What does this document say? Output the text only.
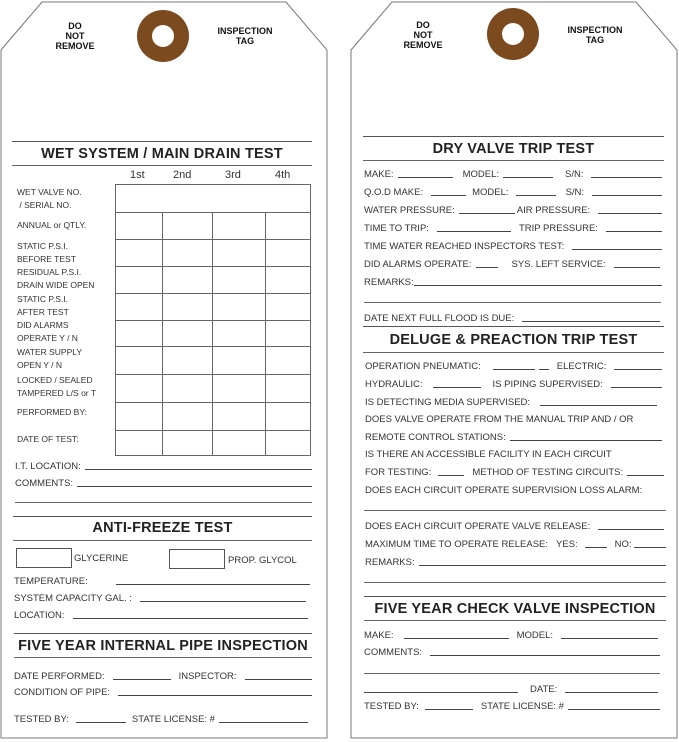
DO
NOT
REMOVE
INSPECTION
TAG
WET SYSTEM / MAIN DRAIN TEST
1st	2nd	3rd	4th

WET VALVE NO.
/ SERIAL NO.
ANNUAL or QTLY.
STATIC P.S.I.
BEFORE TEST
RESIDUAL P.S.I.
DRAIN WIDE OPEN
STATIC P.S.I.
AFTER TEST
DID ALARMS
OPERATE Y / N
WATER SUPPLY
OPEN Y / N
LOCKED / SEALED
TAMPERED L/S or T
PERFORMED BY:
DATE OF TEST:
I.T. LOCATION:
COMMENTS:
ANTI-FREEZE TEST
GLYCERINE	PROP. GLYCOL
TEMPERATURE:
SYSTEM CAPACITY GAL. :
LOCATION:
FIVE YEAR INTERNAL PIPE INSPECTION
DATE PERFORMED:	INSPECTOR:
CONDITION OF PIPE:
TESTED BY:	STATE LICENSE: #
DO
NOT
REMOVE
INSPECTION
TAG
DRY VALVE TRIP TEST
MAKE:	MODEL:	S/N:
Q.O.D MAKE:	MODEL:	S/N:
WATER PRESSURE:	AIR PRESSURE:
TIME TO TRIP:	TRIP PRESSURE:
TIME WATER REACHED INSPECTORS TEST:
DID ALARMS OPERATE:	SYS. LEFT SERVICE:
REMARKS:
DATE NEXT FULL FLOOD IS DUE:
DELUGE & PREACTION TRIP TEST
OPERATION PNEUMATIC:	ELECTRIC:
HYDRAULIC:	IS PIPING SUPERVISED:
IS DETECTING MEDIA SUPERVISED:
DOES VALVE OPERATE FROM THE MANUAL TRIP AND / OR
REMOTE CONTROL STATIONS:
IS THERE AN ACCESSIBLE FACILITY IN EACH CIRCUIT
FOR TESTING:	METHOD OF TESTING CIRCUITS:
DOES EACH CIRCUIT OPERATE SUPERVISION LOSS ALARM:
DOES EACH CIRCUIT OPERATE VALVE RELEASE:
MAXIMUM TIME TO OPERATE RELEASE: YES:	NO:
REMARKS:
FIVE YEAR CHECK VALVE INSPECTION
MAKE:	MODEL:
COMMENTS:
DATE:
TESTED BY:	STATE LICENSE: #
